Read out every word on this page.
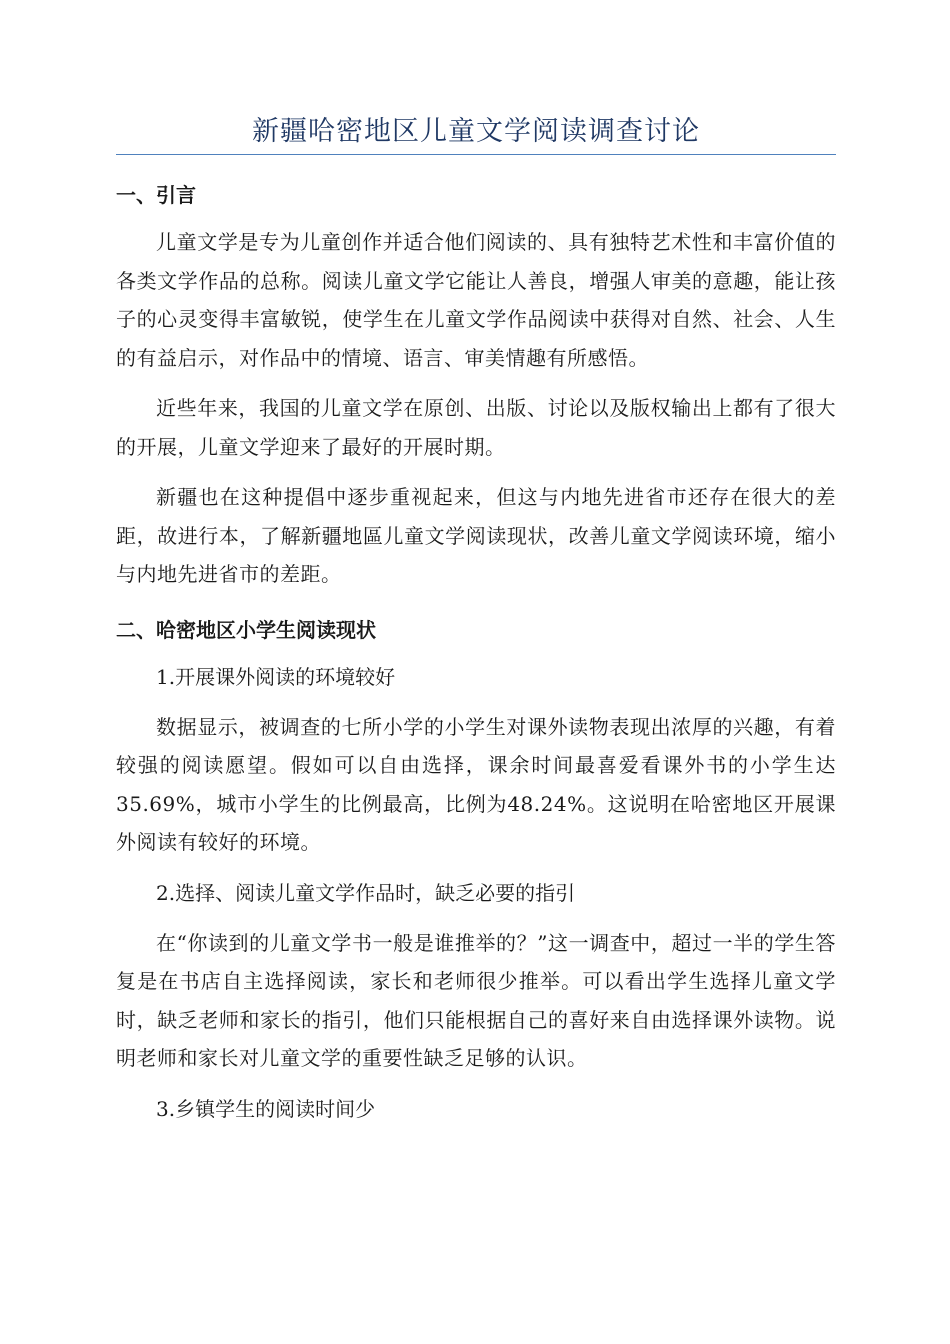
新疆哈密地区儿童文学阅读调查讨论
一、引言

儿童文学是专为儿童创作并适合他们阅读的、具有独特艺术性和丰富价值的各类文学作品的总称。阅读儿童文学它能让人善良，增强人审美的意趣，能让孩子的心灵变得丰富敏锐，使学生在儿童文学作品阅读中获得对自然、社会、人生的有益启示，对作品中的情境、语言、审美情趣有所感悟。

近些年来，我国的儿童文学在原创、出版、讨论以及版权输出上都有了很大的开展，儿童文学迎来了最好的开展时期。

新疆也在这种提倡中逐步重视起来，但这与内地先进省市还存在很大的差距，故进行本，了解新疆地區儿童文学阅读现状，改善儿童文学阅读环境，缩小与内地先进省市的差距。

二、哈密地区小学生阅读现状

1.开展课外阅读的环境较好

数据显示，被调查的七所小学的小学生对课外读物表现出浓厚的兴趣，有着较强的阅读愿望。假如可以自由选择，课余时间最喜爱看课外书的小学生达35.69%，城市小学生的比例最高，比例为48.24%。这说明在哈密地区开展课外阅读有较好的环境。

2.选择、阅读儿童文学作品时，缺乏必要的指引

在“你读到的儿童文学书一般是谁推举的？”这一调查中，超过一半的学生答复是在书店自主选择阅读，家长和老师很少推举。可以看出学生选择儿童文学时，缺乏老师和家长的指引，他们只能根据自己的喜好来自由选择课外读物。说明老师和家长对儿童文学的重要性缺乏足够的认识。

3.乡镇学生的阅读时间少
